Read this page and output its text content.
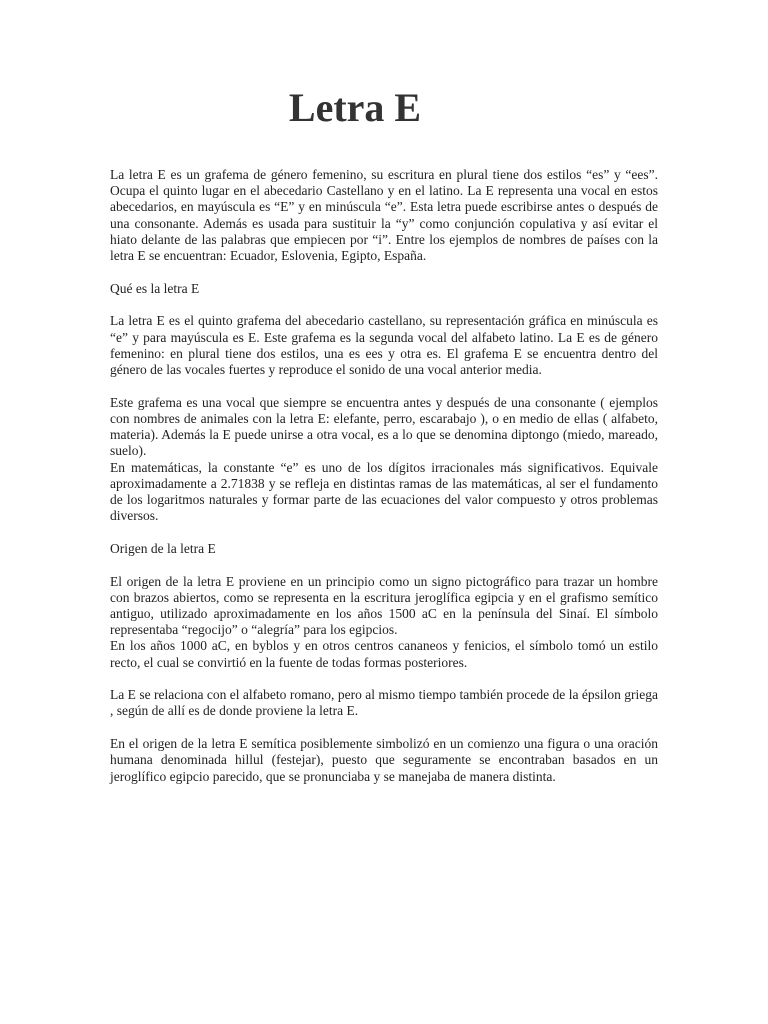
Letra E

La letra E es un grafema de género femenino, su escritura en plural tiene dos estilos “es” y “ees”. Ocupa el quinto lugar en el abecedario Castellano y en el latino. La E representa una vocal en estos abecedarios, en mayúscula es “E” y en minúscula “e”. Esta letra puede escribirse antes o después de una consonante. Además es usada para sustituir la “y” como conjunción copulativa y así evitar el hiato delante de las palabras que empiecen por “i”. Entre los ejemplos de nombres de países con la letra E se encuentran: Ecuador, Eslovenia, Egipto, España.

Qué es la letra E

La letra E es el quinto grafema del abecedario castellano, su representación gráfica en minúscula es “e” y para mayúscula es E. Este grafema es la segunda vocal del alfabeto latino. La E es de género femenino: en plural tiene dos estilos, una es ees y otra es. El grafema E se encuentra dentro del género de las vocales fuertes y reproduce el sonido de una vocal anterior media.

Este grafema es una vocal que siempre se encuentra antes y después de una consonante ( ejemplos con nombres de animales con la letra E: elefante, perro, escarabajo ), o en medio de ellas ( alfabeto, materia). Además la E puede unirse a otra vocal, es a lo que se denomina diptongo (miedo, mareado, suelo).

En matemáticas, la constante “e” es uno de los dígitos irracionales más significativos. Equivale aproximadamente a 2.71838 y se refleja en distintas ramas de las matemáticas, al ser el fundamento de los logaritmos naturales y formar parte de las ecuaciones del valor compuesto y otros problemas diversos.

Origen de la letra E

El origen de la letra E proviene en un principio como un signo pictográfico para trazar un hombre con brazos abiertos, como se representa en la escritura jeroglífica egipcia y en el grafismo semítico antiguo, utilizado aproximadamente en los años 1500 aC en la península del Sinaí. El símbolo representaba “regocijo” o “alegría” para los egipcios.

En los años 1000 aC, en byblos y en otros centros cananeos y fenicios, el símbolo tomó un estilo recto, el cual se convirtió en la fuente de todas formas posteriores.

La E se relaciona con el alfabeto romano, pero al mismo tiempo también procede de la épsilon griega , según de allí es de donde proviene la letra E.

En el origen de la letra E semítica posiblemente simbolizó en un comienzo una figura o una oración humana denominada hillul (festejar), puesto que seguramente se encontraban basados en un jeroglífico egipcio parecido, que se pronunciaba y se manejaba de manera distinta.
